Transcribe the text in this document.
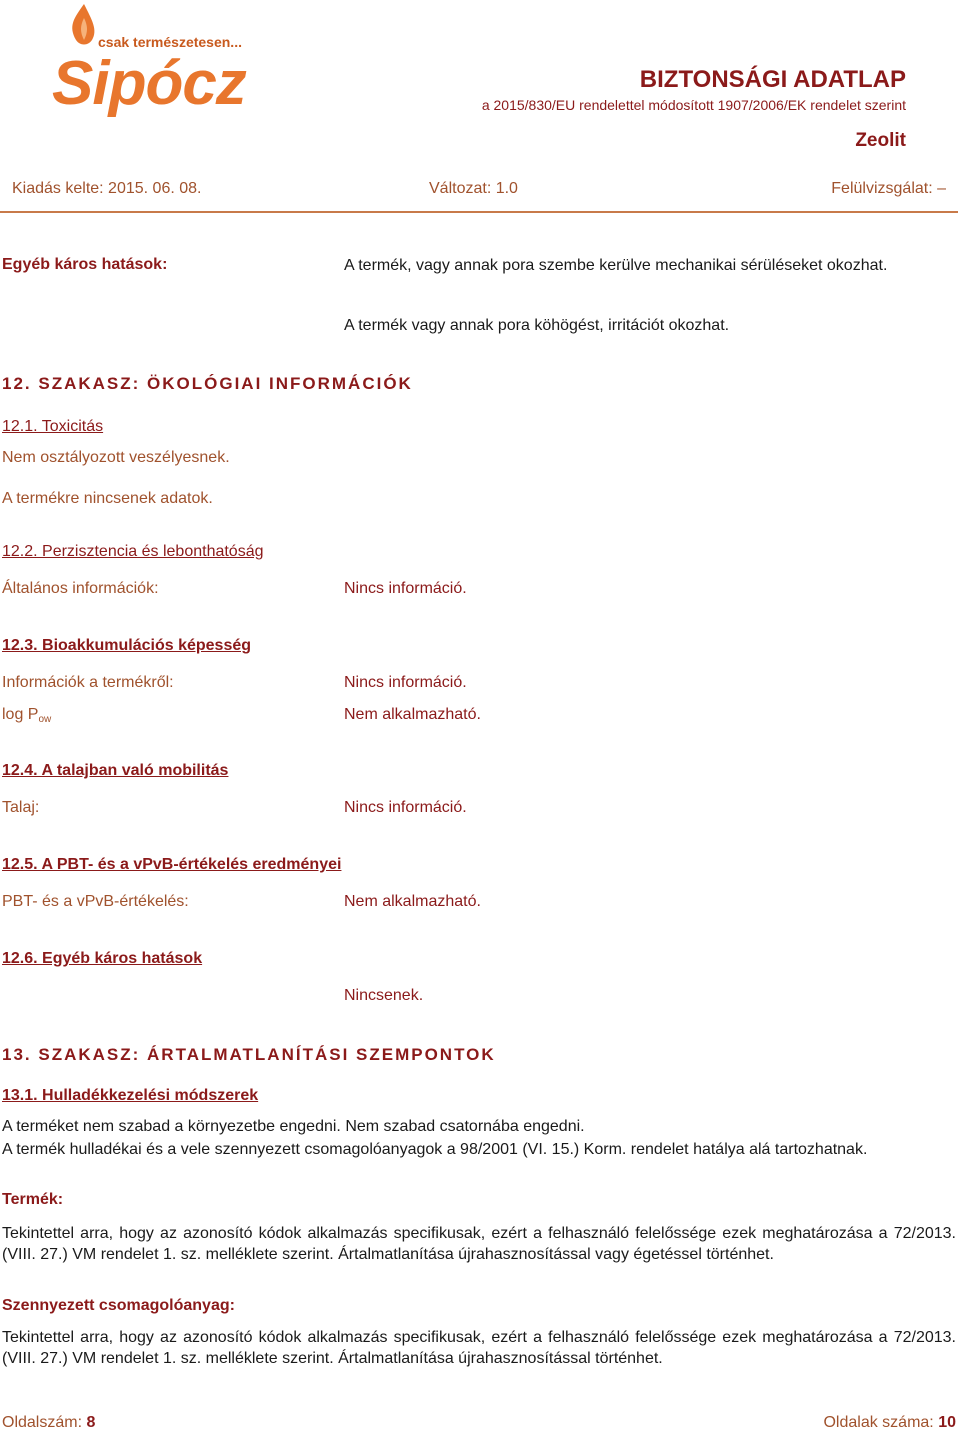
csak természetesen...
Sipócz	BIZTONSÁGI ADATLAP
a 2015/830/EU rendelettel módosított 1907/2006/EK rendelet szerint
Zeolit
Kiadás kelte: 2015. 06. 08.	Változat: 1.0	Felülvizsgálat: –
Egyéb káros hatások:	A termék, vagy annak pora szembe kerülve mechanikai sérüléseket okozhat.
A termék vagy annak pora köhögést, irritációt okozhat.
12. SZAKASZ: ÖKOLÓGIAI INFORMÁCIÓK
12.1. Toxicitás
Nem osztályozott veszélyesnek.
A termékre nincsenek adatok.
12.2. Perzisztencia és lebonthatóság
Általános információk:	Nincs információ.
12.3. Bioakkumulációs képesség
Információk a termékről:	Nincs információ.
$\log P_{ow}$	Nem alkalmazható.
12.4. A talajban való mobilitás
Talaj:	Nincs információ.
12.5. A PBT- és a vPvB-értékelés eredményei
PBT- és a vPvB-értékelés:	Nem alkalmazható.
12.6. Egyéb káros hatások
Nincsenek.
13. SZAKASZ: ÁRTALMATLANÍTÁSI SZEMPONTOK
13.1. Hulladékkezelési módszerek
A terméket nem szabad a környezetbe engedni. Nem szabad csatornába engedni.
A termék hulladékai és a vele szennyezett csomagolóanyagok a 98/2001 (VI. 15.) Korm. rendelet hatálya alá tartozhatnak.
Termék:
Tekintettel arra, hogy az azonosító kódok alkalmazás specifikusak, ezért a felhasználó felelőssége ezek meghatározása a 72/2013. (VIII. 27.) VM rendelet 1. sz. melléklete szerint. Ártalmatlanítása újrahasznosítással vagy égetéssel történhet.
Szennyezett csomagolóanyag:
Tekintettel arra, hogy az azonosító kódok alkalmazás specifikusak, ezért a felhasználó felelőssége ezek meghatározása a 72/2013. (VIII. 27.) VM rendelet 1. sz. melléklete szerint. Ártalmatlanítása újrahasznosítással történhet.
Oldalszám: 8	Oldalak száma: 10
